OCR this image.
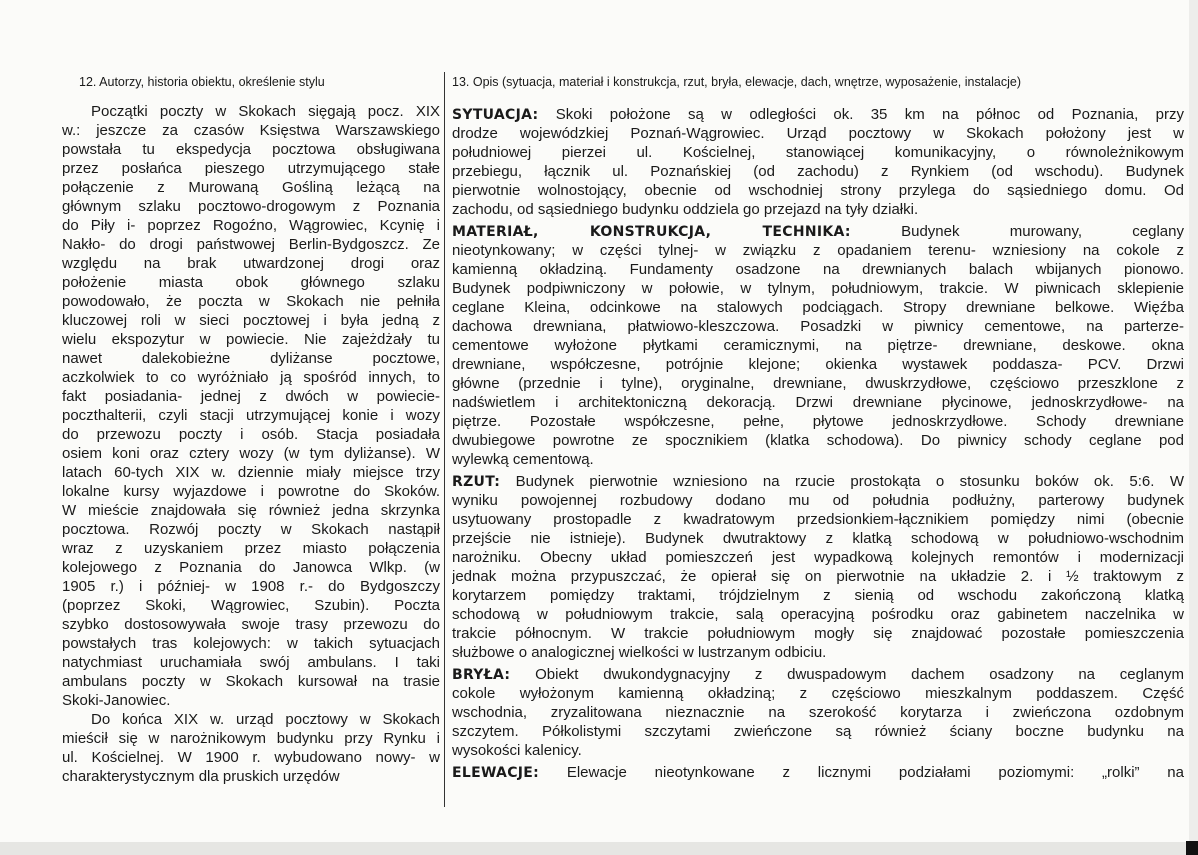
12. Autorzy, historia obiektu, określenie stylu	13. Opis (sytuacja, materiał i konstrukcja, rzut, bryła, elewacje, dach, wnętrze, wyposażenie, instalacje)
Początki poczty w Skokach sięgają pocz. XIX
w.: jeszcze za czasów Księstwa Warszawskiego
powstała tu ekspedycja pocztowa obsługiwana
przez posłańca pieszego utrzymującego stałe
połączenie z Murowaną Gośliną leżącą na
głównym szlaku pocztowo-drogowym z Poznania
do Piły i- poprzez Rogoźno, Wągrowiec, Kcynię i
Nakło- do drogi państwowej Berlin-Bydgoszcz. Ze
względu na brak utwardzonej drogi oraz
położenie miasta obok głównego szlaku
powodowało, że poczta w Skokach nie pełniła
kluczowej roli w sieci pocztowej i była jedną z
wielu ekspozytur w powiecie. Nie zajeżdżały tu
nawet dalekobieżne dyliżanse pocztowe,
aczkolwiek to co wyróżniało ją spośród innych, to
fakt posiadania- jednej z dwóch w powiecie-
poczthalterii, czyli stacji utrzymującej konie i wozy
do przewozu poczty i osób. Stacja posiadała
osiem koni oraz cztery wozy (w tym dyliżanse). W
latach 60-tych XIX w. dziennie miały miejsce trzy
lokalne kursy wyjazdowe i powrotne do Skoków.
W mieście znajdowała się również jedna skrzynka
pocztowa. Rozwój poczty w Skokach nastąpił
wraz z uzyskaniem przez miasto połączenia
kolejowego z Poznania do Janowca Wlkp. (w
1905 r.) i później- w 1908 r.- do Bydgoszczy
(poprzez Skoki, Wągrowiec, Szubin). Poczta
szybko dostosowywała swoje trasy przewozu do
powstałych tras kolejowych: w takich sytuacjach
natychmiast uruchamiała swój ambulans. I taki
ambulans poczty w Skokach kursował na trasie
Skoki-Janowiec.
Do końca XIX w. urząd pocztowy w Skokach
mieścił się w narożnikowym budynku przy Rynku i
ul. Kościelnej. W 1900 r. wybudowano nowy- w
charakterystycznym dla pruskich urzędów
SYTUACJA: Skoki położone są w odległości ok. 35 km na północ od Poznania, przy
drodze wojewódzkiej Poznań-Wągrowiec. Urząd pocztowy w Skokach położony jest w
południowej pierzei ul. Kościelnej, stanowiącej komunikacyjny, o równoleżnikowym
przebiegu, łącznik ul. Poznańskiej (od zachodu) z Rynkiem (od wschodu). Budynek
pierwotnie wolnostojący, obecnie od wschodniej strony przylega do sąsiedniego domu. Od
zachodu, od sąsiedniego budynku oddziela go przejazd na tyły działki.
MATERIAŁ, KONSTRUKCJA, TECHNIKA: Budynek murowany, ceglany
nieotynkowany; w części tylnej- w związku z opadaniem terenu- wzniesiony na cokole z
kamienną okładziną. Fundamenty osadzone na drewnianych balach wbijanych pionowo.
Budynek podpiwniczony w połowie, w tylnym, południowym, trakcie. W piwnicach sklepienie
ceglane Kleina, odcinkowe na stalowych podciągach. Stropy drewniane belkowe. Więźba
dachowa drewniana, płatwiowo-kleszczowa. Posadzki w piwnicy cementowe, na parterze-
cementowe wyłożone płytkami ceramicznymi, na piętrze- drewniane, deskowe. okna
drewniane, współczesne, potrójnie klejone; okienka wystawek poddasza- PCV. Drzwi
główne (przednie i tylne), oryginalne, drewniane, dwuskrzydłowe, częściowo przeszklone z
nadświetlem i architektoniczną dekoracją. Drzwi drewniane płycinowe, jednoskrzydłowe- na
piętrze. Pozostałe współczesne, pełne, płytowe jednoskrzydłowe. Schody drewniane
dwubiegowe powrotne ze spocznikiem (klatka schodowa). Do piwnicy schody ceglane pod
wylewką cementową.
RZUT: Budynek pierwotnie wzniesiono na rzucie prostokąta o stosunku boków ok. 5:6. W
wyniku powojennej rozbudowy dodano mu od południa podłużny, parterowy budynek
usytuowany prostopadle z kwadratowym przedsionkiem-łącznikiem pomiędzy nimi (obecnie
przejście nie istnieje). Budynek dwutraktowy z klatką schodową w południowo-wschodnim
narożniku. Obecny układ pomieszczeń jest wypadkową kolejnych remontów i modernizacji
jednak można przypuszczać, że opierał się on pierwotnie na układzie 2. i ½ traktowym z
korytarzem pomiędzy traktami, trójdzielnym z sienią od wschodu zakończoną klatką
schodową w południowym trakcie, salą operacyjną pośrodku oraz gabinetem naczelnika w
trakcie północnym. W trakcie południowym mogły się znajdować pozostałe pomieszczenia
służbowe o analogicznej wielkości w lustrzanym odbiciu.
BRYŁA: Obiekt dwukondygnacyjny z dwuspadowym dachem osadzony na ceglanym
cokole wyłożonym kamienną okładziną; z częściowo mieszkalnym poddaszem. Część
wschodnia, zryzalitowana nieznacznie na szerokość korytarza i zwieńczona ozdobnym
szczytem. Półkolistymi szczytami zwieńczone są również ściany boczne budynku na
wysokości kalenicy.
ELEWACJE: Elewacje nieotynkowane z licznymi podziałami poziomymi: „rolki” na
